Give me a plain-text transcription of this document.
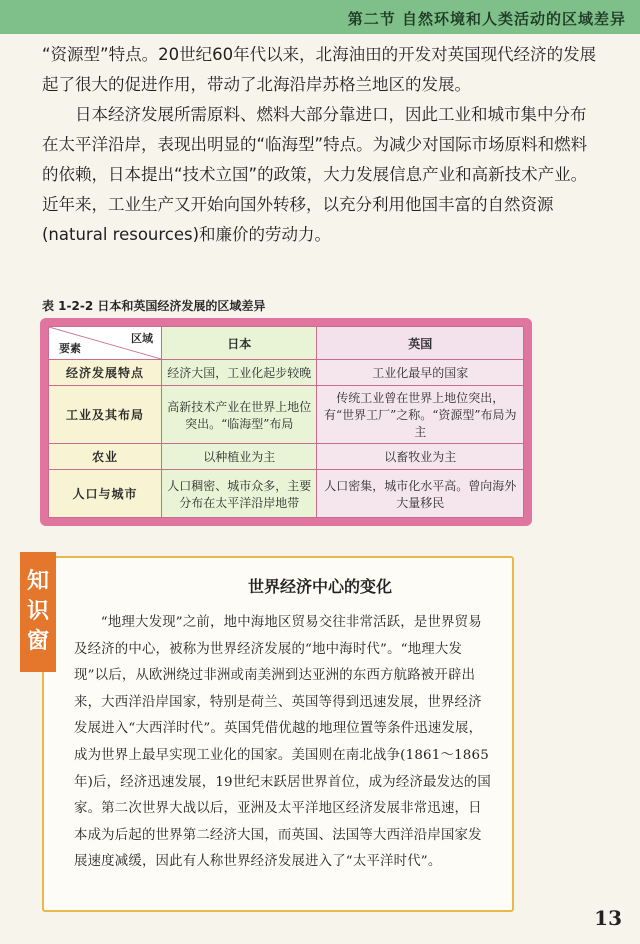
第二节 自然环境和人类活动的区域差异

“资源型”特点。20世纪60年代以来，北海油田的开发对英国现代经济的发展起了很大的促进作用，带动了北海沿岸苏格兰地区的发展。

日本经济发展所需原料、燃料大部分靠进口，因此工业和城市集中分布在太平洋沿岸，表现出明显的“临海型”特点。为减少对国际市场原料和燃料的依赖，日本提出“技术立国”的政策，大力发展信息产业和高新技术产业。近年来，工业生产又开始向国外转移，以充分利用他国丰富的自然资源(natural resources)和廉价的劳动力。

表 1-2-2 日本和英国经济发展的区域差异
区域
要素	日本	英国
经济发展特点	经济大国，工业化起步较晚	工业化最早的国家
工业及其布局	高新技术产业在世界上地位突出。“临海型”布局	传统工业曾在世界上地位突出，有“世界工厂”之称。“资源型”布局为主
农业	以种植业为主	以畜牧业为主
人口与城市	人口稠密、城市众多，主要分布在太平洋沿岸地带	人口密集，城市化水平高。曾向海外大量移民
知
识
窗
世界经济中心的变化

“地理大发现”之前，地中海地区贸易交往非常活跃，是世界贸易及经济的中心，被称为世界经济发展的“地中海时代”。“地理大发现”以后，从欧洲绕过非洲或南美洲到达亚洲的东西方航路被开辟出来，大西洋沿岸国家，特别是荷兰、英国等得到迅速发展，世界经济发展进入“大西洋时代”。英国凭借优越的地理位置等条件迅速发展，成为世界上最早实现工业化的国家。美国则在南北战争(1861～1865年)后，经济迅速发展，19世纪末跃居世界首位，成为经济最发达的国家。第二次世界大战以后，亚洲及太平洋地区经济发展非常迅速，日本成为后起的世界第二经济大国，而英国、法国等大西洋沿岸国家发展速度减缓，因此有人称世界经济发展进入了“太平洋时代”。

13
